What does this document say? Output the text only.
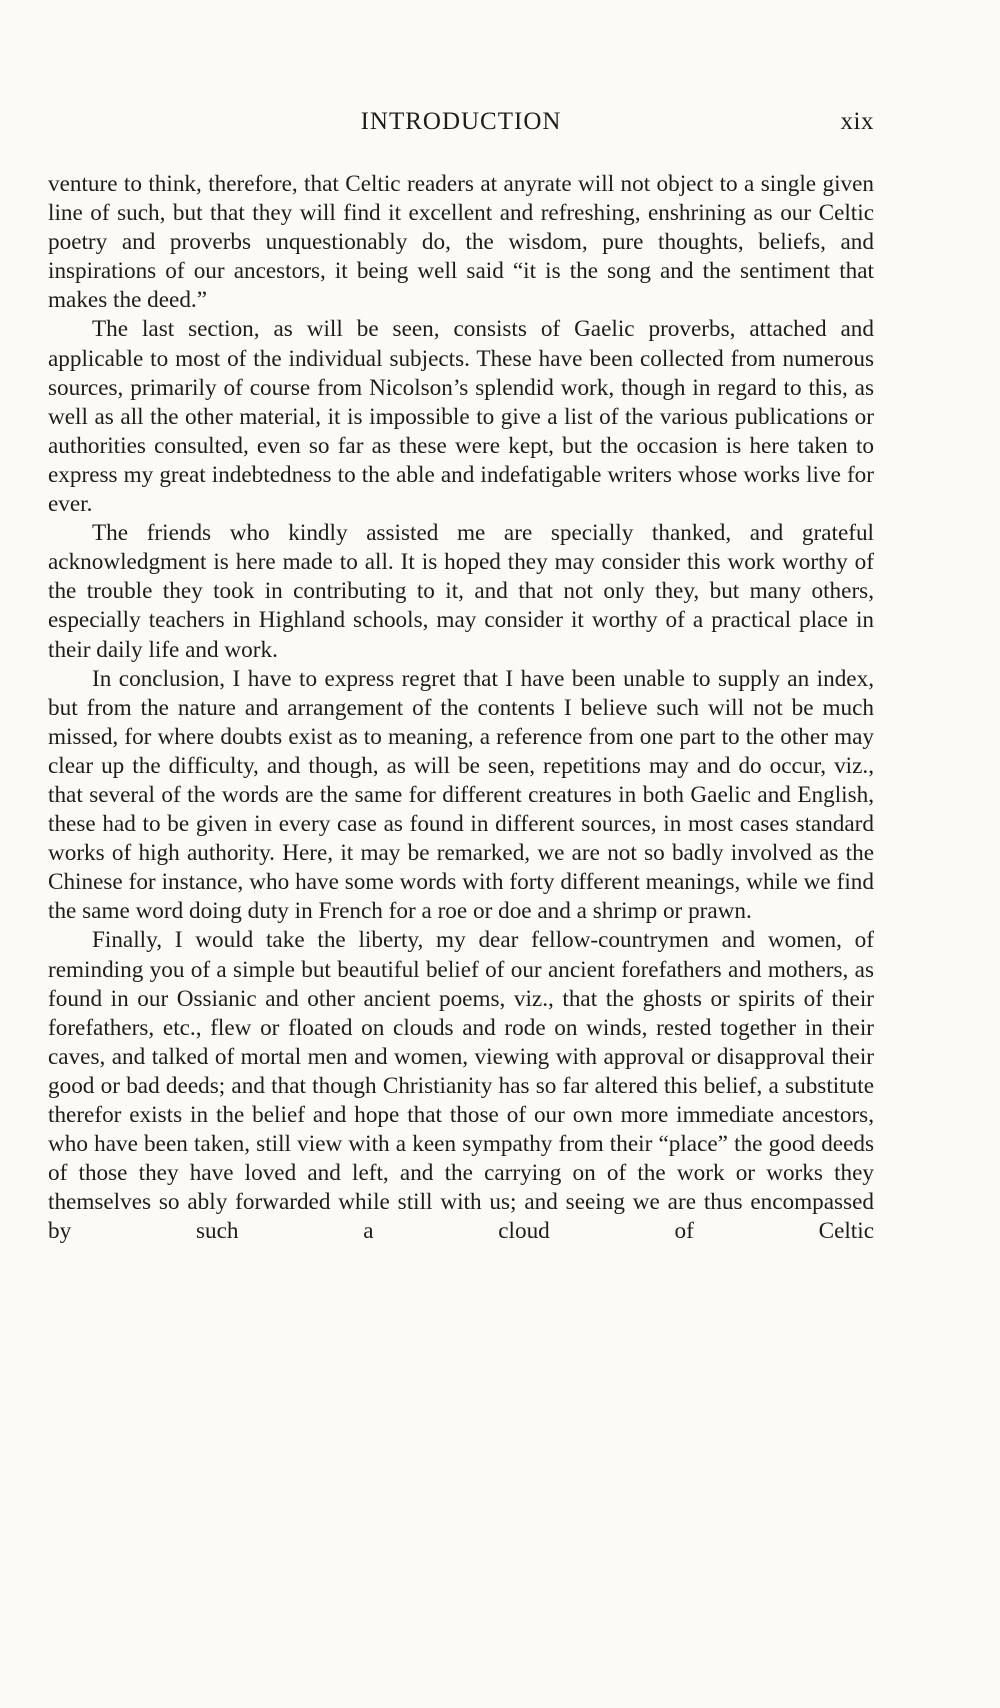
INTRODUCTION	xix

venture to think, therefore, that Celtic readers at anyrate will not object to a single given line of such, but that they will find it excellent and refreshing, enshrining as our Celtic poetry and proverbs unquestionably do, the wisdom, pure thoughts, beliefs, and inspirations of our ancestors, it being well said “it is the song and the sentiment that makes the deed.”

The last section, as will be seen, consists of Gaelic proverbs, attached and applicable to most of the individual subjects. These have been collected from numerous sources, primarily of course from Nicolson’s splendid work, though in regard to this, as well as all the other material, it is impossible to give a list of the various publications or authorities consulted, even so far as these were kept, but the occasion is here taken to express my great indebtedness to the able and indefatigable writers whose works live for ever.

The friends who kindly assisted me are specially thanked, and grateful acknowledgment is here made to all. It is hoped they may consider this work worthy of the trouble they took in contributing to it, and that not only they, but many others, especially teachers in Highland schools, may consider it worthy of a practical place in their daily life and work.

In conclusion, I have to express regret that I have been unable to supply an index, but from the nature and arrangement of the contents I believe such will not be much missed, for where doubts exist as to meaning, a reference from one part to the other may clear up the difficulty, and though, as will be seen, repetitions may and do occur, viz., that several of the words are the same for different creatures in both Gaelic and English, these had to be given in every case as found in different sources, in most cases standard works of high authority. Here, it may be remarked, we are not so badly involved as the Chinese for instance, who have some words with forty different meanings, while we find the same word doing duty in French for a roe or doe and a shrimp or prawn.

Finally, I would take the liberty, my dear fellow-countrymen and women, of reminding you of a simple but beautiful belief of our ancient forefathers and mothers, as found in our Ossianic and other ancient poems, viz., that the ghosts or spirits of their forefathers, etc., flew or floated on clouds and rode on winds, rested together in their caves, and talked of mortal men and women, viewing with approval or disapproval their good or bad deeds; and that though Christianity has so far altered this belief, a substitute therefor exists in the belief and hope that those of our own more immediate ancestors, who have been taken, still view with a keen sympathy from their “place” the good deeds of those they have loved and left, and the carrying on of the work or works they themselves so ably forwarded while still with us; and seeing we are thus encompassed by such a cloud of Celtic
